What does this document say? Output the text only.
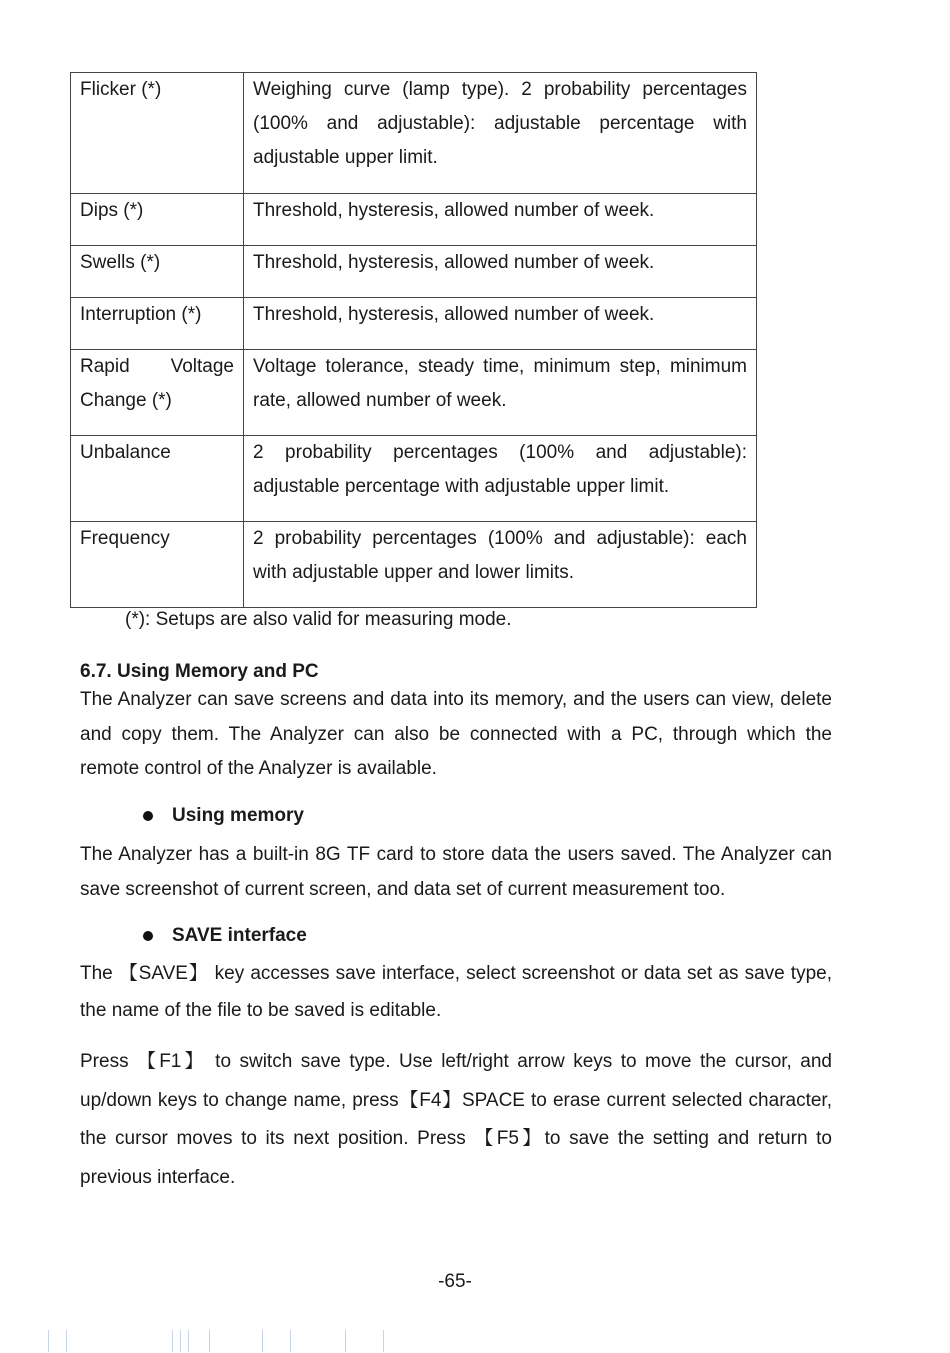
Flicker (*)	Weighing curve (lamp type). 2 probability percentages (100% and adjustable): adjustable percentage with adjustable upper limit.

Dips (*)	Threshold, hysteresis, allowed number of week.

Swells (*)	Threshold, hysteresis, allowed number of week.

Interruption (*)	Threshold, hysteresis, allowed number of week.

Rapid Voltage Change (*)	Voltage tolerance, steady time, minimum step, minimum rate, allowed number of week.

Unbalance	2 probability percentages (100% and adjustable): adjustable percentage with adjustable upper limit.

Frequency	2 probability percentages (100% and adjustable): each with adjustable upper and lower limits.
(*): Setups are also valid for measuring mode.
6.7. Using Memory and PC

The Analyzer can save screens and data into its memory, and the users can view, delete and copy them. The Analyzer can also be connected with a PC, through which the remote control of the Analyzer is available.

Using memory

The Analyzer has a built-in 8G TF card to store data the users saved. The Analyzer can save screenshot of current screen, and data set of current measurement too.

SAVE interface

The 【SAVE】 key accesses save interface, select screenshot or data set as save type, the name of the file to be saved is editable.

Press 【F1】 to switch save type. Use left/right arrow keys to move the cursor, and up/down keys to change name, press【F4】SPACE to erase current selected character, the cursor moves to its next position. Press 【F5】to save the setting and return to previous interface.

-65-
